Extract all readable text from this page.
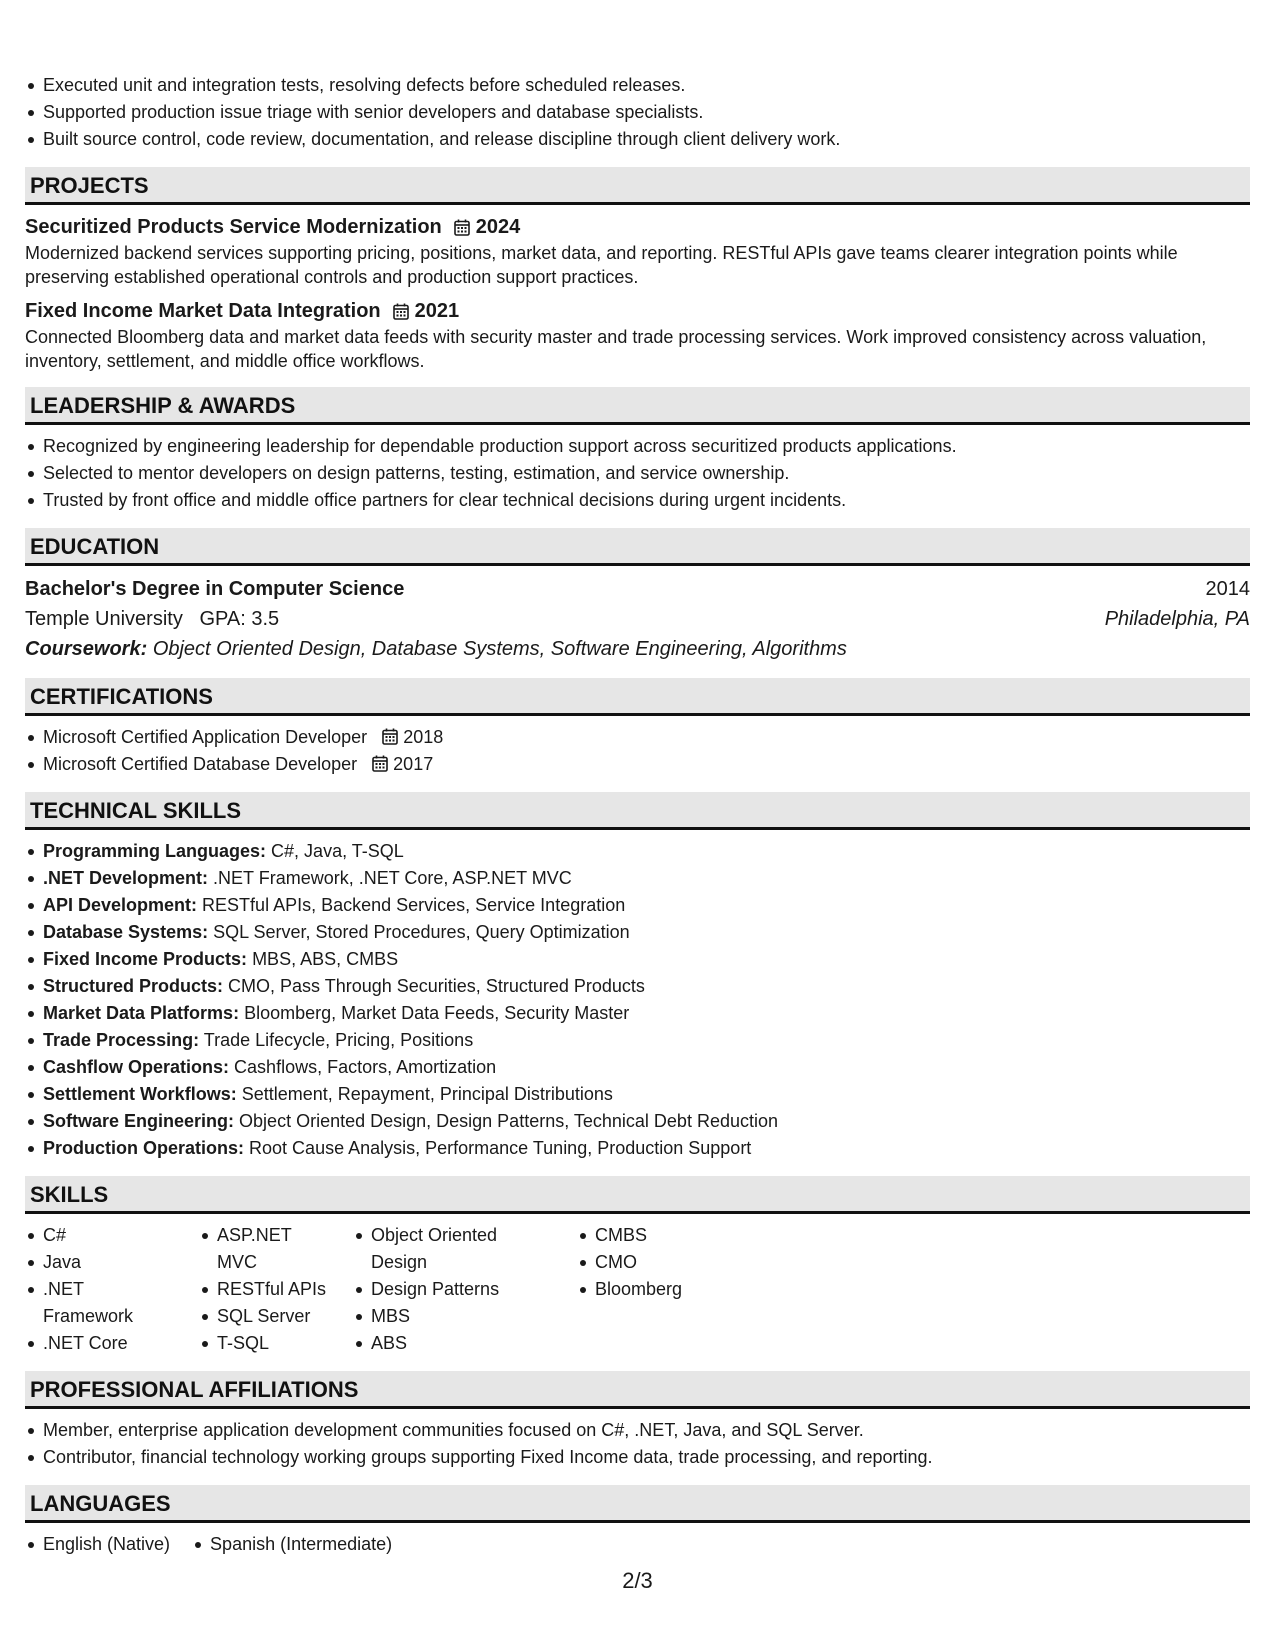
Executed unit and integration tests, resolving defects before scheduled releases.
Supported production issue triage with senior developers and database specialists.
Built source control, code review, documentation, and release discipline through client delivery work.
PROJECTS
Securitized Products Service Modernization 2024
Modernized backend services supporting pricing, positions, market data, and reporting. RESTful APIs gave teams clearer integration points while preserving established operational controls and production support practices.
Fixed Income Market Data Integration 2021
Connected Bloomberg data and market data feeds with security master and trade processing services. Work improved consistency across valuation, inventory, settlement, and middle office workflows.
LEADERSHIP & AWARDS
Recognized by engineering leadership for dependable production support across securitized products applications.
Selected to mentor developers on design patterns, testing, estimation, and service ownership.
Trusted by front office and middle office partners for clear technical decisions during urgent incidents.
EDUCATION
Bachelor's Degree in Computer Science	2014
Temple University GPA: 3.5	Philadelphia, PA
Coursework: Object Oriented Design, Database Systems, Software Engineering, Algorithms
CERTIFICATIONS
Microsoft Certified Application Developer 2018
Microsoft Certified Database Developer 2017
TECHNICAL SKILLS
Programming Languages: C#, Java, T-SQL
.NET Development: .NET Framework, .NET Core, ASP.NET MVC
API Development: RESTful APIs, Backend Services, Service Integration
Database Systems: SQL Server, Stored Procedures, Query Optimization
Fixed Income Products: MBS, ABS, CMBS
Structured Products: CMO, Pass Through Securities, Structured Products
Market Data Platforms: Bloomberg, Market Data Feeds, Security Master
Trade Processing: Trade Lifecycle, Pricing, Positions
Cashflow Operations: Cashflows, Factors, Amortization
Settlement Workflows: Settlement, Repayment, Principal Distributions
Software Engineering: Object Oriented Design, Design Patterns, Technical Debt Reduction
Production Operations: Root Cause Analysis, Performance Tuning, Production Support
SKILLS
C#
Java
.NET Framework
.NET Core
ASP.NET MVC
RESTful APIs
SQL Server
T-SQL
Object Oriented Design
Design Patterns
MBS
ABS
CMBS
CMO
Bloomberg
PROFESSIONAL AFFILIATIONS
Member, enterprise application development communities focused on C#, .NET, Java, and SQL Server.
Contributor, financial technology working groups supporting Fixed Income data, trade processing, and reporting.
LANGUAGES
English (Native)	Spanish (Intermediate)
2/3
